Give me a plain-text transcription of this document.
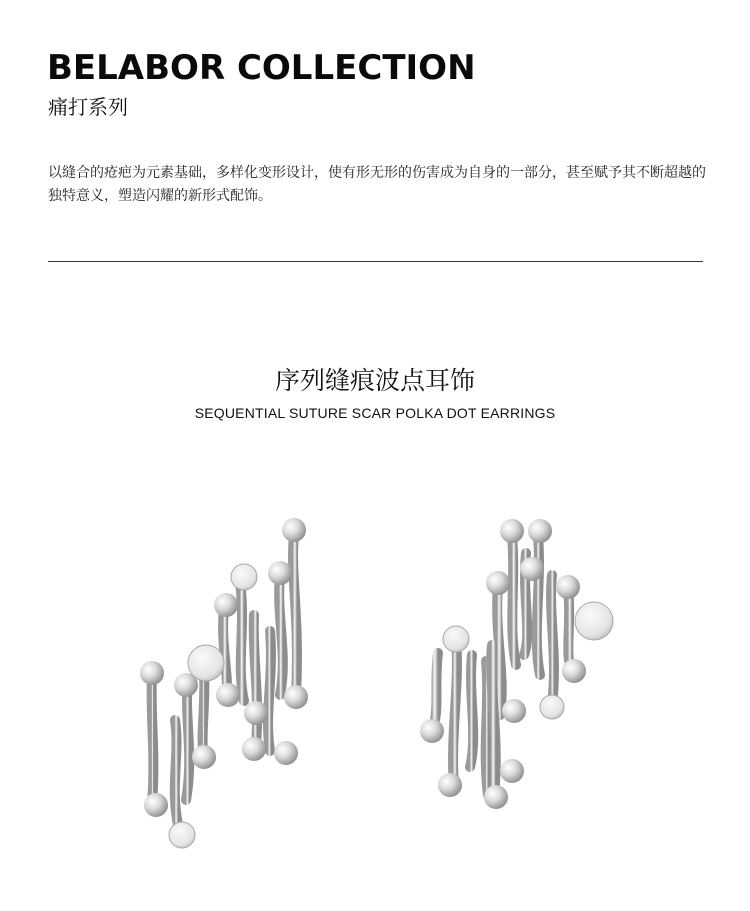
BELABOR COLLECTION
痛打系列

以缝合的疮疤为元素基础，多样化变形设计，使有形无形的伤害成为自身的一部分，甚至赋予其不断超越的独特意义，塑造闪耀的新形式配饰。

序列缝痕波点耳饰
SEQUENTIAL SUTURE SCAR POLKA DOT EARRINGS
